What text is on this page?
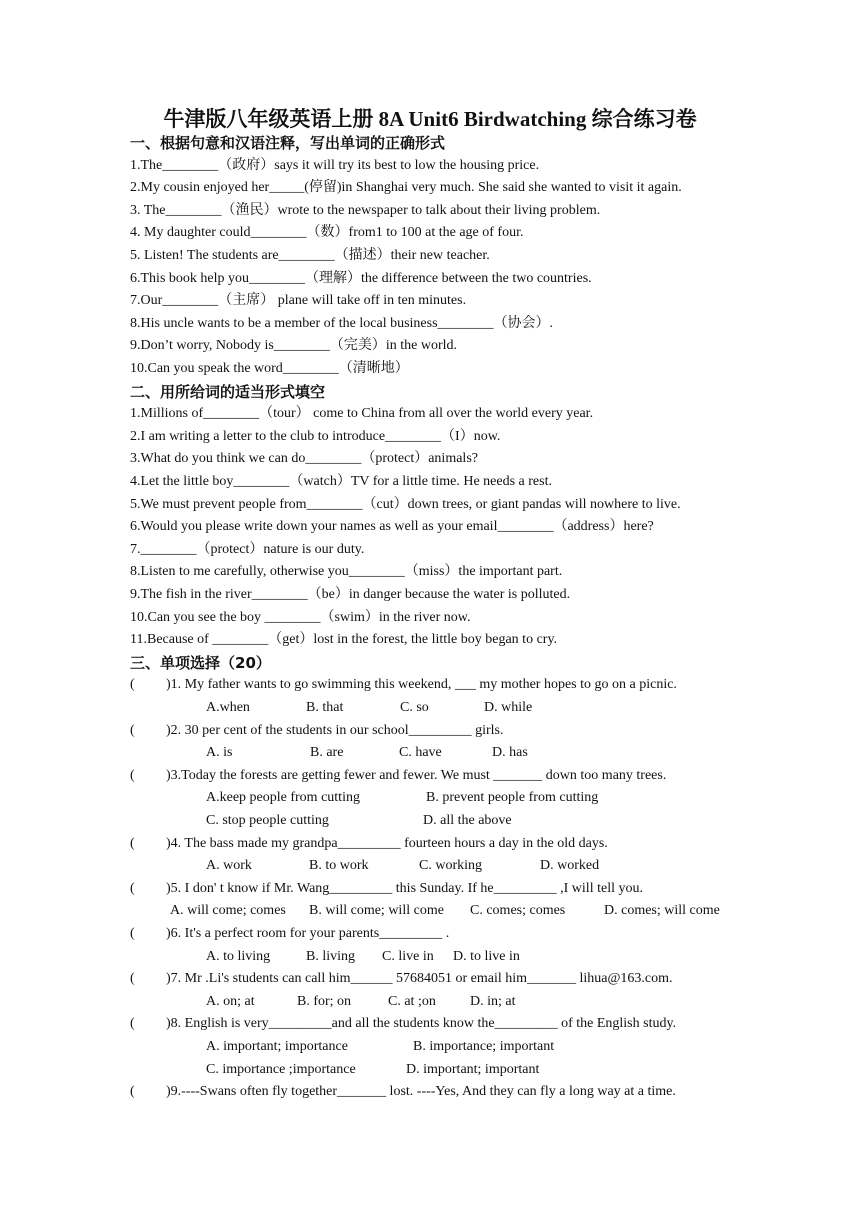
牛津版八年级英语上册 8A Unit6 Birdwatching 综合练习卷
一、根据句意和汉语注释，写出单词的正确形式
1.The________（政府）says it will try its best to low the housing price.
2.My cousin enjoyed her_____(停留)in Shanghai very much. She said she wanted to visit it again.
3. The________（渔民）wrote to the newspaper to talk about their living problem.
4. My daughter could________（数）from1 to 100 at the age of four.
5. Listen! The students are________（描述）their new teacher.
6.This book help you________（理解）the difference between the two countries.
7.Our________（主席） plane will take off in ten minutes.
8.His uncle wants to be a member of the local business________（协会）.
9.Don’t worry, Nobody is________（完美）in the world.
10.Can you speak the word________（清晰地）
二、用所给词的适当形式填空
1.Millions of________（tour） come to China from all over the world every year.
2.I am writing a letter to the club to introduce________（I）now.
3.What do you think we can do________（protect）animals?
4.Let the little boy________（watch）TV for a little time. He needs a rest.
5.We must prevent people from________（cut）down trees, or giant pandas will nowhere to live.
6.Would you please write down your names as well as your email________（address）here?
7.________（protect）nature is our duty.
8.Listen to me carefully, otherwise you________（miss）the important part.
9.The fish in the river________（be）in danger because the water is polluted.
10.Can you see the boy ________（swim）in the river now.
11.Because of ________（get）lost in the forest, the little boy began to cry.
三、单项选择（20）
(	)1. My father wants to go swimming this weekend, ___ my mother hopes to go on a picnic.
A.when	B. that	C. so	D. while
(	)2. 30 per cent of the students in our school_________ girls.
A. is	B. are	C. have	D. has
(	)3.Today the forests are getting fewer and fewer. We must _______ down too many trees.
A.keep people from cutting	B. prevent people from cutting
C. stop people cutting	D. all the above
(	)4. The bass made my grandpa_________ fourteen hours a day in the old days.
A. work	B. to work	C. working	D. worked
(	)5. I don' t know if Mr. Wang_________ this Sunday. If he_________ ,I will tell you.
A. will come; comes B. will come; will come C. comes; comes	D. comes; will come
(	)6. It's a perfect room for your parents_________ .
A. to living	B. living C. live in D. to live in
(	)7. Mr .Li's students can call him______ 57684051 or email him_______ lihua@163.com.
A. on; at	B. for; on	C. at ;on D. in; at
(	)8. English is very_________and all the students know the_________ of the English study.
A. important; importance	B. importance; important
C. importance ;importance	D. important; important
(	)9.----Swans often fly together_______ lost. ----Yes, And they can fly a long way at a time.
